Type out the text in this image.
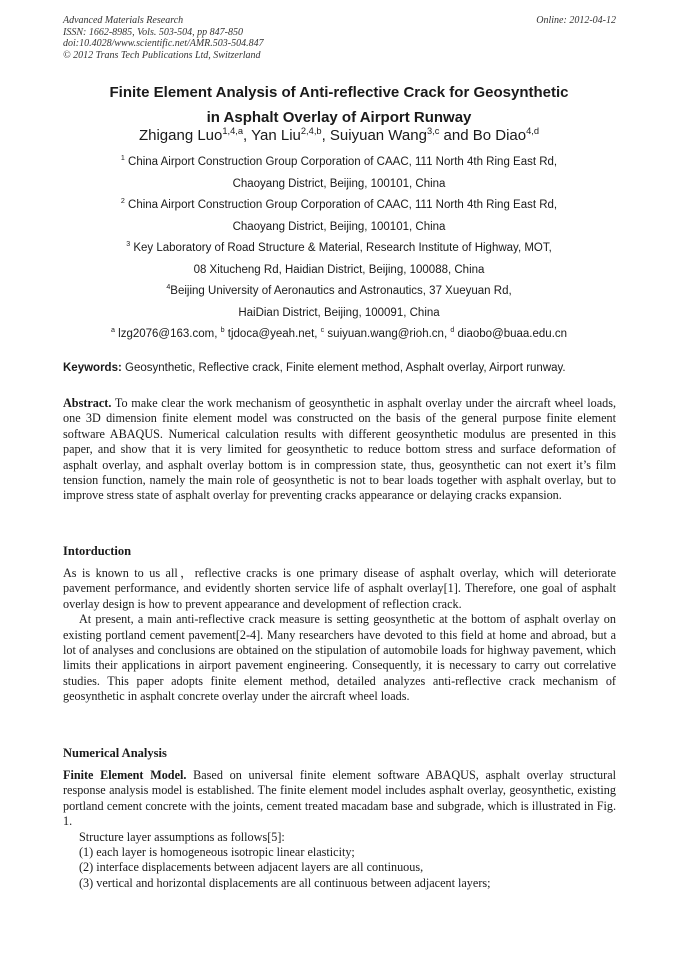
Advanced Materials Research
ISSN: 1662-8985, Vols. 503-504, pp 847-850
doi:10.4028/www.scientific.net/AMR.503-504.847
© 2012 Trans Tech Publications Ltd, Switzerland
Online: 2012-04-12
Finite Element Analysis of Anti-reflective Crack for Geosynthetic
in Asphalt Overlay of Airport Runway
Zhigang Luo$^{1,4,a}$, Yan Liu$^{2,4,b}$, Suiyuan Wang$^{3,c}$ and Bo Diao$^{4,d}$
$^1$ China Airport Construction Group Corporation of CAAC, 111 North 4th Ring East Rd,
Chaoyang District, Beijing, 100101, China
$^2$ China Airport Construction Group Corporation of CAAC, 111 North 4th Ring East Rd,
Chaoyang District, Beijing, 100101, China
$^3$ Key Laboratory of Road Structure & Material, Research Institute of Highway, MOT,
08 Xitucheng Rd, Haidian District, Beijing, 100088, China
$^4$Beijing University of Aeronautics and Astronautics, 37 Xueyuan Rd,
HaiDian District, Beijing, 100091, China
$^a$ lzg2076@163.com, $^b$ tjdoca@yeah.net, $^c$ suiyuan.wang@rioh.cn, $^d$ diaobo@buaa.edu.cn
Keywords: Geosynthetic, Reflective crack, Finite element method, Asphalt overlay, Airport runway.

Abstract. To make clear the work mechanism of geosynthetic in asphalt overlay under the aircraft wheel loads, one 3D dimension finite element model was constructed on the basis of the general purpose finite element software ABAQUS. Numerical calculation results with different geosynthetic modulus are presented in this paper, and show that it is very limited for geosynthetic to reduce bottom stress and surface deformation of asphalt overlay, and asphalt overlay bottom is in compression state, thus, geosynthetic can not exert it’s film tension function, namely the main role of geosynthetic is not to bear loads together with asphalt overlay, but to improve stress state of asphalt overlay for preventing cracks appearance or delaying cracks expansion.

Intorduction

As is known to us all，reflective cracks is one primary disease of asphalt overlay, which will deteriorate pavement performance, and evidently shorten service life of asphalt overlay[1]. Therefore, one goal of asphalt overlay design is how to prevent appearance and development of reflection crack.

At present, a main anti-reflective crack measure is setting geosynthetic at the bottom of asphalt overlay on existing portland cement pavement[2-4]. Many researchers have devoted to this field at home and abroad, but a lot of analyses and conclusions are obtained on the stipulation of automobile loads for highway pavement, which limits their applications in airport pavement engineering. Consequently, it is necessary to carry out correlative studies. This paper adopts finite element method, detailed analyzes anti-reflective crack mechanism of geosynthetic in asphalt concrete overlay under the aircraft wheel loads.

Numerical Analysis

Finite Element Model. Based on universal finite element software ABAQUS, asphalt overlay structural response analysis model is established. The finite element model includes asphalt overlay, geosynthetic, existing portland cement concrete with the joints, cement treated macadam base and subgrade, which is illustrated in Fig. 1.

Structure layer assumptions as follows[5]:

(1) each layer is homogeneous isotropic linear elasticity;

(2) interface displacements between adjacent layers are all continuous,

(3) vertical and horizontal displacements are all continuous between adjacent layers;
